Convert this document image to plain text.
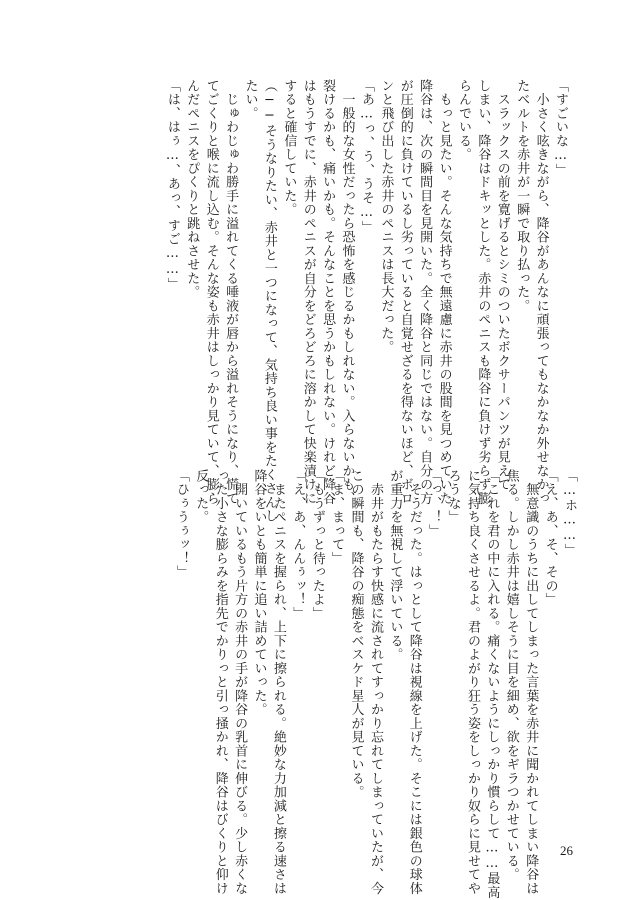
「すごいな…」
　小さく呟きながら、降谷があんなに頑張ってもなかなか外せなかっ
たベルトを赤井が一瞬で取り払った。
　スラックスの前を寛げるとシミのついたボクサーパンツが見えて
しまい、降谷はドキッとした。赤井のペニスも降谷に負けず劣らず膨
らんでいる。
　もっと見たい。そんな気持ちで無遠慮に赤井の股間を見つめていた
降谷は、次の瞬間目を見開いた。全く降谷と同じではない。自分の方
が圧倒的に負けているし劣っていると自覚せざるを得ないほど、ボロ
ンと飛び出した赤井のペニスは長大だった。
「あ…っ、う、うそ…」
　一般的な女性だったら恐怖を感じるかもしれない。入らないかも、
裂けるかも、痛いかも。そんなことを思うかもしれない。けれど降谷
はもうすでに、赤井のペニスが自分をどろどろに溶かして快楽漬けに
すると確信していた。
（──そうなりたい、赤井と一つになって、気持ち良い事をたくさんし
たい。
　じゅわじゅわ勝手に溢れてくる唾液が唇から溢れそうになり、慌て
てごくりと喉に流し込む。そんな姿も赤井はしっかり見ていて、膨ら
んだペニスをぴくりと跳ねさせた。
「は、はぅ…、あっ、すご……」
「…ホ……」
「え、あ、そ、その」
　無意識のうちに出してしまった言葉を赤井に聞かれてしまい降谷は
焦る。しかし赤井は嬉しそうに目を細め、欲をギラつかせている。
「これを君の中に入れる。痛くないようにしっかり慣らして……最高
に気持ち良くさせるよ。君のよがり狂う姿をしっかり奴らに見せてや
ろうな」
「っ、！」
　そうだった。はっとして降谷は視線を上げた。そこには銀色の球体
が重力を無視して浮いている。
　赤井がもたらす快感に流されてすっかり忘れてしまっていたが、今
この瞬間も、降谷の痴態をベスケド星人が見ている。
「ま、まって」
「もうずっと待ったよ」
「え、あ、んんぅッ！」
　またペニスを握られ、上下に擦られる。絶妙な力加減と擦る速さは
降谷をいとも簡単に追い詰めていった。
　開いているもう片方の赤井の手が降谷の乳首に伸びる。少し赤くな
った小さな膨らみを指先でかりっと引っ掻かれ、降谷はびくりと仰け
反った。
「ひぅうぅッ！」
26
